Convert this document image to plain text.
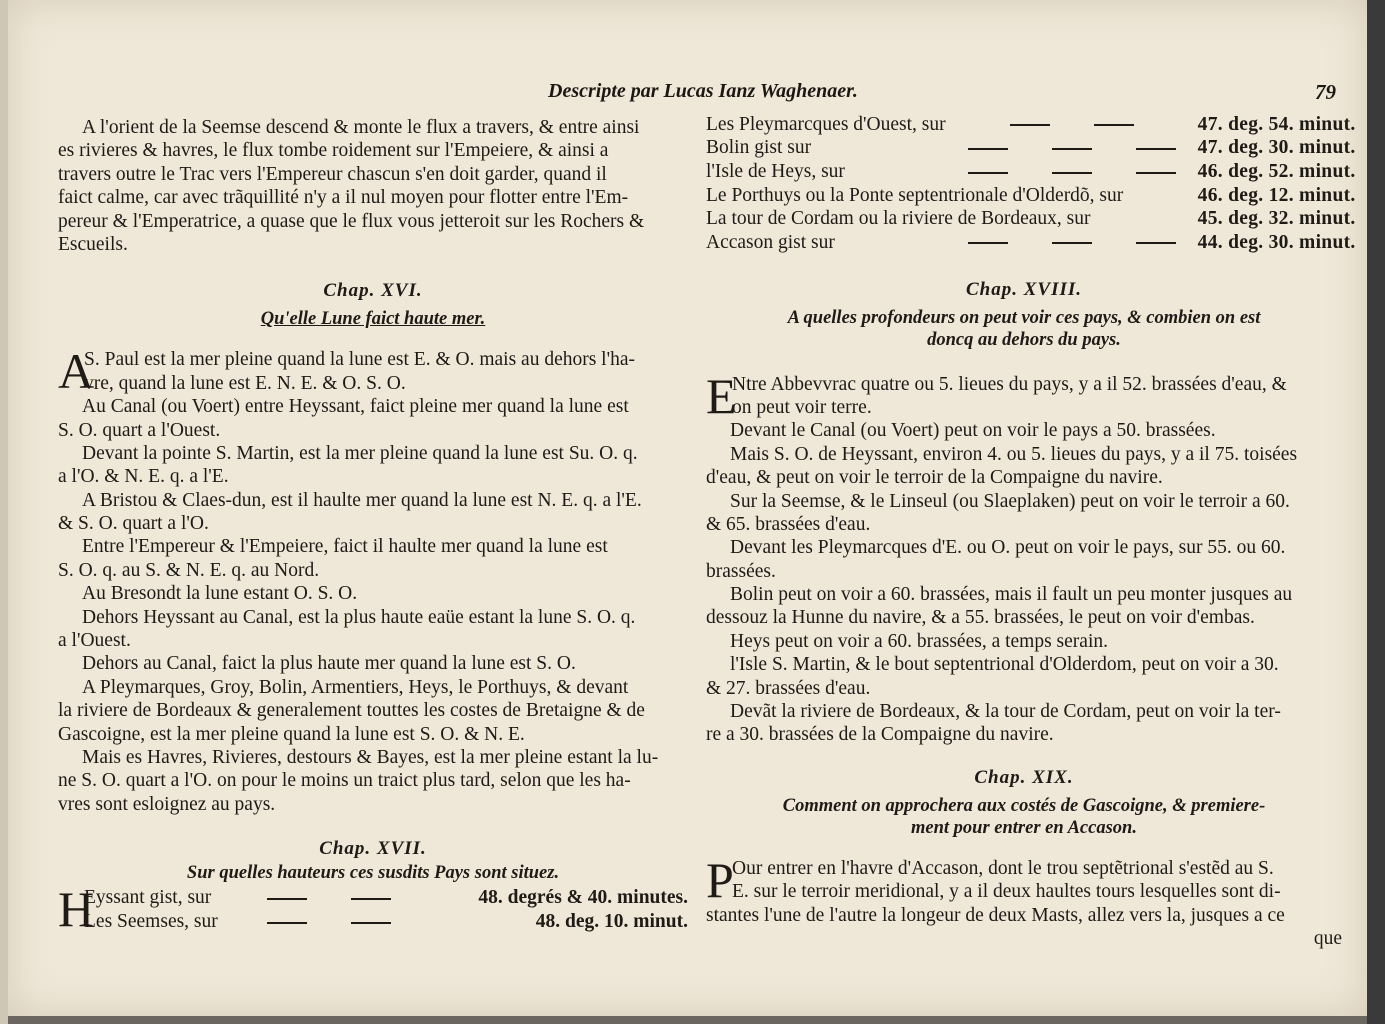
Descripte par Lucas Ianz Waghenaer.	79
A l'orient de la Seemse descend & monte le flux a travers, & entre ainsi
es rivieres & havres, le flux tombe roidement sur l'Empeiere, & ainsi a
travers outre le Trac vers l'Empereur chascun s'en doit garder, quand il
faict calme, car avec trãquillité n'y a il nul moyen pour flotter entre l'Em-
pereur & l'Emperatrice, a quase que le flux vous jetteroit sur les Rochers &
Escueils.
Chap. XVI.
Qu'elle Lune faict haute mer.
A
S. Paul est la mer pleine quand la lune est E. & O. mais au dehors l'ha-
vre, quand la lune est E. N. E. & O. S. O.
Au Canal (ou Voert) entre Heyssant, faict pleine mer quand la lune est
S. O. quart a l'Ouest.
Devant la pointe S. Martin, est la mer pleine quand la lune est Su. O. q.
a l'O. & N. E. q. a l'E.
A Bristou & Claes-dun, est il haulte mer quand la lune est N. E. q. a l'E.
& S. O. quart a l'O.
Entre l'Empereur & l'Empeiere, faict il haulte mer quand la lune est
S. O. q. au S. & N. E. q. au Nord.
Au Bresondt la lune estant O. S. O.
Dehors Heyssant au Canal, est la plus haute eaüe estant la lune S. O. q.
a l'Ouest.
Dehors au Canal, faict la plus haute mer quand la lune est S. O.
A Pleymarques, Groy, Bolin, Armentiers, Heys, le Porthuys, & devant
la riviere de Bordeaux & generalement touttes les costes de Bretaigne & de
Gascoigne, est la mer pleine quand la lune est S. O. & N. E.
Mais es Havres, Rivieres, destours & Bayes, est la mer pleine estant la lu-
ne S. O. quart a l'O. on pour le moins un traict plus tard, selon que les ha-
vres sont esloignez au pays.
Chap. XVII.
Sur quelles hauteurs ces susdits Pays sont situez.
H
Eyssant gist, sur		48. degrés & 40. minutes.
Les Seemses, sur		48. deg. 10. minut.
Les Pleymarcques d'Ouest, sur		47. deg. 54. minut.
Bolin gist sur		47. deg. 30. minut.
l'Isle de Heys, sur		46. deg. 52. minut.
Le Porthuys ou la Ponte septentrionale d'Olderdõ, sur		46. deg. 12. minut.
La tour de Cordam ou la riviere de Bordeaux, sur		45. deg. 32. minut.
Accason gist sur		44. deg. 30. minut.
Chap. XVIII.
A quelles profondeurs on peut voir ces pays, & combien on est
doncq au dehors du pays.
E
Ntre Abbevvrac quatre ou 5. lieues du pays, y a il 52. brassées d'eau, &
on peut voir terre.
Devant le Canal (ou Voert) peut on voir le pays a 50. brassées.
Mais S. O. de Heyssant, environ 4. ou 5. lieues du pays, y a il 75. toisées
d'eau, & peut on voir le terroir de la Compaigne du navire.
Sur la Seemse, & le Linseul (ou Slaeplaken) peut on voir le terroir a 60.
& 65. brassées d'eau.
Devant les Pleymarcques d'E. ou O. peut on voir le pays, sur 55. ou 60.
brassées.
Bolin peut on voir a 60. brassées, mais il fault un peu monter jusques au
dessouz la Hunne du navire, & a 55. brassées, le peut on voir d'embas.
Heys peut on voir a 60. brassées, a temps serain.
l'Isle S. Martin, & le bout septentrional d'Olderdom, peut on voir a 30.
& 27. brassées d'eau.
Devãt la riviere de Bordeaux, & la tour de Cordam, peut on voir la ter-
re a 30. brassées de la Compaigne du navire.
Chap. XIX.
Comment on approchera aux costés de Gascoigne, & premiere-
ment pour entrer en Accason.
P
Our entrer en l'havre d'Accason, dont le trou septẽtrional s'estẽd au S.
E. sur le terroir meridional, y a il deux haultes tours lesquelles sont di-
stantes l'une de l'autre la longeur de deux Masts, allez vers la, jusques a ce
que
